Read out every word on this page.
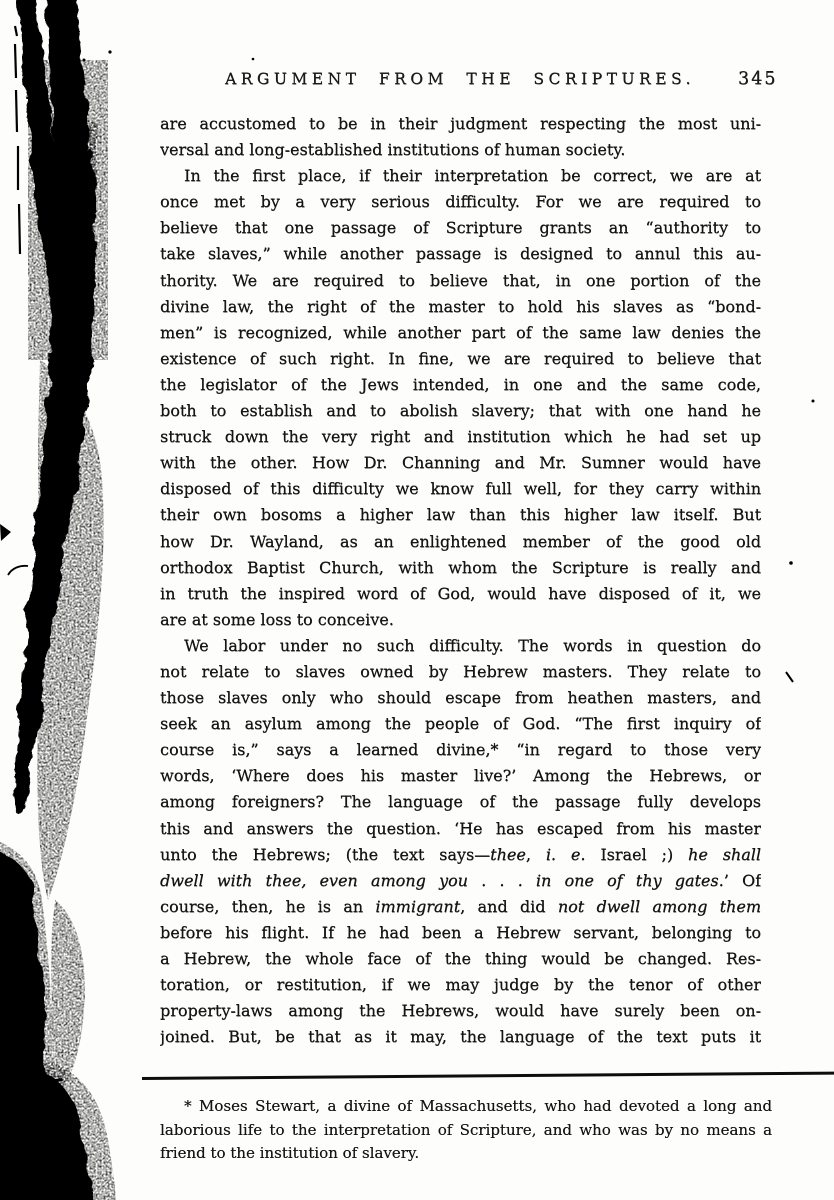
ARGUMENT FROM THE SCRIPTURES.	345
are accustomed to be in their judgment respecting the most uni-
versal and long-established institutions of human society.
In the first place, if their interpretation be correct, we are at
once met by a very serious difficulty. For we are required to
believe that one passage of Scripture grants an “authority to
take slaves,” while another passage is designed to annul this au-
thority. We are required to believe that, in one portion of the
divine law, the right of the master to hold his slaves as “bond-
men” is recognized, while another part of the same law denies the
existence of such right. In fine, we are required to believe that
the legislator of the Jews intended, in one and the same code,
both to establish and to abolish slavery; that with one hand he
struck down the very right and institution which he had set up
with the other. How Dr. Channing and Mr. Sumner would have
disposed of this difficulty we know full well, for they carry within
their own bosoms a higher law than this higher law itself. But
how Dr. Wayland, as an enlightened member of the good old
orthodox Baptist Church, with whom the Scripture is really and
in truth the inspired word of God, would have disposed of it, we
are at some loss to conceive.
We labor under no such difficulty. The words in question do
not relate to slaves owned by Hebrew masters. They relate to
those slaves only who should escape from heathen masters, and
seek an asylum among the people of God. “The first inquiry of
course is,” says a learned divine,* “in regard to those very
words, ‘Where does his master live?’ Among the Hebrews, or
among foreigners? The language of the passage fully develops
this and answers the question. ‘He has escaped from his master
unto the Hebrews; (the text says—thee, i. e. Israel ;) he shall
dwell with thee, even among you . . . in one of thy gates.’ Of
course, then, he is an immigrant, and did not dwell among them
before his flight. If he had been a Hebrew servant, belonging to
a Hebrew, the whole face of the thing would be changed. Res-
toration, or restitution, if we may judge by the tenor of other
property-laws among the Hebrews, would have surely been on-
joined. But, be that as it may, the language of the text puts it
* Moses Stewart, a divine of Massachusetts, who had devoted a long and
laborious life to the interpretation of Scripture, and who was by no means a
friend to the institution of slavery.
